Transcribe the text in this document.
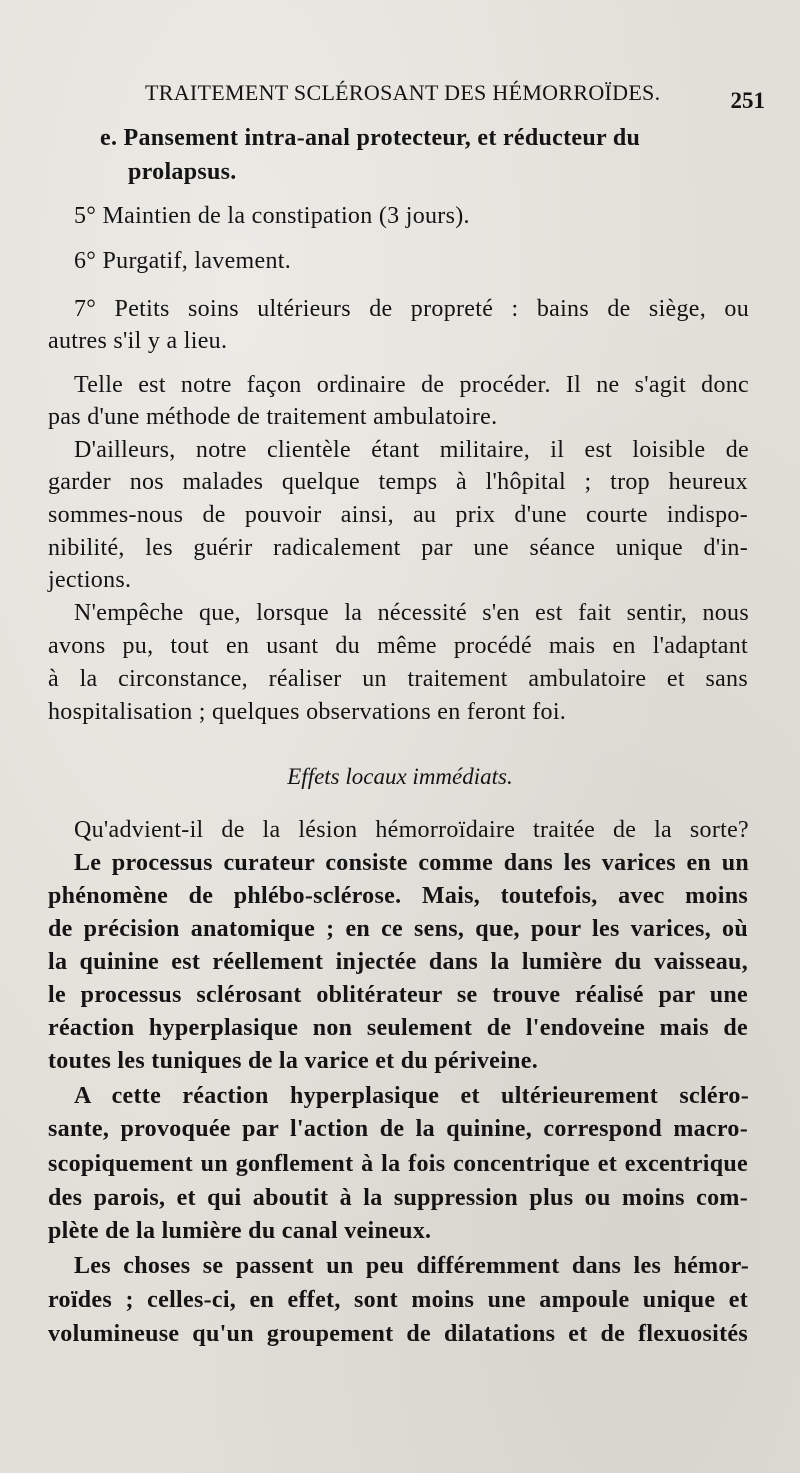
TRAITEMENT SCLÉROSANT DES HÉMORROÏDES.	251
e. Pansement intra-anal protecteur, et réducteur du
prolapsus.
5° Maintien de la constipation (3 jours).
6° Purgatif, lavement.
7° Petits soins ultérieurs de propreté : bains de siège, ou
autres s'il y a lieu.
Telle est notre façon ordinaire de procéder. Il ne s'agit donc
pas d'une méthode de traitement ambulatoire.
D'ailleurs, notre clientèle étant militaire, il est loisible de
garder nos malades quelque temps à l'hôpital ; trop heureux
sommes-nous de pouvoir ainsi, au prix d'une courte indispo-
nibilité, les guérir radicalement par une séance unique d'in-
jections.
N'empêche que, lorsque la nécessité s'en est fait sentir, nous
avons pu, tout en usant du même procédé mais en l'adaptant
à la circonstance, réaliser un traitement ambulatoire et sans
hospitalisation ; quelques observations en feront foi.
Effets locaux immédiats.
Qu'advient-il de la lésion hémorroïdaire traitée de la sorte?
Le processus curateur consiste comme dans les varices en un
phénomène de phlébo-sclérose. Mais, toutefois, avec moins
de précision anatomique ; en ce sens, que, pour les varices, où
la quinine est réellement injectée dans la lumière du vaisseau,
le processus sclérosant oblitérateur se trouve réalisé par une
réaction hyperplasique non seulement de l'endoveine mais de
toutes les tuniques de la varice et du périveine.
A cette réaction hyperplasique et ultérieurement scléro-
sante, provoquée par l'action de la quinine, correspond macro-
scopiquement un gonflement à la fois concentrique et excentrique
des parois, et qui aboutit à la suppression plus ou moins com-
plète de la lumière du canal veineux.
Les choses se passent un peu différemment dans les hémor-
roïdes ; celles-ci, en effet, sont moins une ampoule unique et
volumineuse qu'un groupement de dilatations et de flexuosités
